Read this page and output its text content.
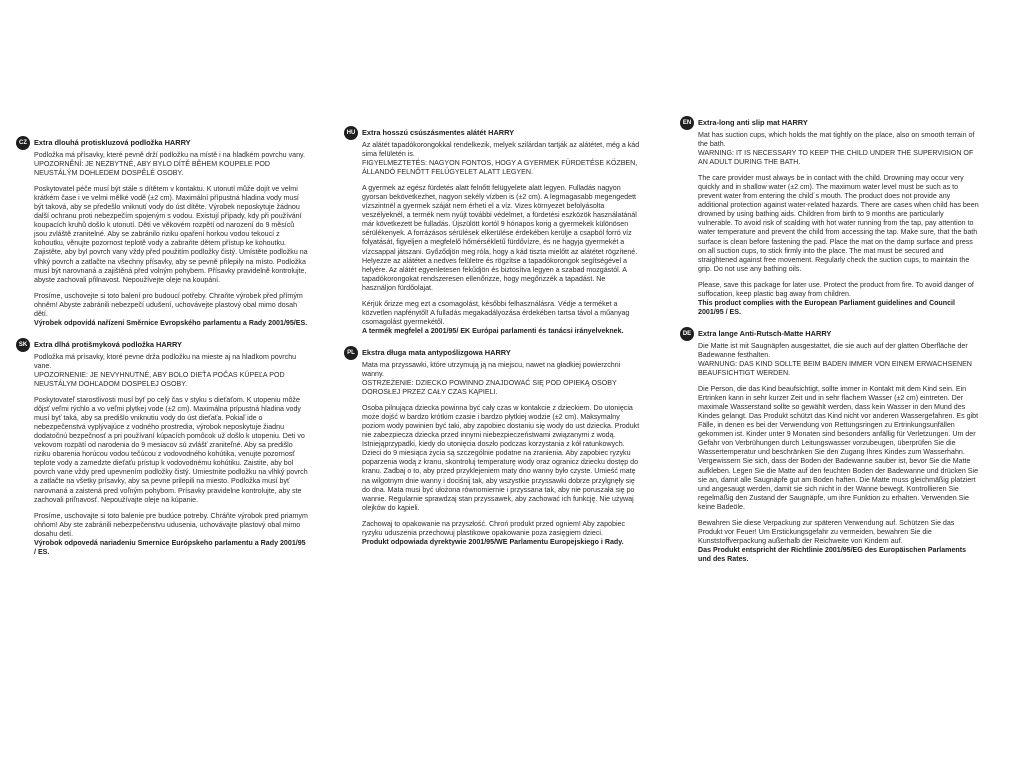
CZ Extra dlouhá protiskluzová podložka HARRY

Podložka má přísavky, které pevně drží podložku na místě i na hladkém povrchu vany.

UPOZORNĚNÍ: JE NEZBYTNÉ, ABY BYLO DÍTĚ BĚHEM KOUPELE POD NEUSTÁLÝM DOHLEDEM DOSPĚLÉ OSOBY.

Poskytovatel péče musí být stále s dítětem v kontaktu. K utonutí může dojít ve velmi krátkém čase i ve velmi mělké vodě (±2 cm). Maximální přípustná hladina vody musí být taková, aby se předešlo vniknutí vody do úst dítěte. Výrobek neposkytuje žádnou další ochranu proti nebezpečím spojeným s vodou. Existují případy, kdy při používání koupacích kruhů došlo k utonutí. Děti ve věkovém rozpětí od narození do 9 měsíců jsou zvláště zranitelné. Aby se zabránilo riziku opaření horkou vodou tekoucí z kohoutku, věnujte pozornost teplotě vody a zabraňte dětem přístup ke kohoutku. Zajistěte, aby byl povrch vany vždy před použitím podložky čistý. Umístěte podložku na vlhký povrch a zatlačte na všechny přísavky, aby se pevně přilepily na místo. Podložka musí být narovnaná a zajištěná před volným pohybem. Přísavky pravidelně kontrolujte, abyste zachovali přilnavost. Nepoužívejte oleje na koupání.

Prosíme, uschovejte si toto balení pro budoucí potřeby. Chraňte výrobek před přímým ohněm! Abyste zabránili nebezpečí udušení, uchovávejte plastový obal mimo dosah dětí.

Výrobek odpovídá nařízení Směrnice Evropského parlamentu a Rady 2001/95/ES.

SK Extra dlhá protišmyková podložka HARRY

Podložka má prísavky, ktoré pevne drža podložku na mieste aj na hladkom povrchu vane.

UPOZORNENIE: JE NEVYHNUTNÉ, ABY BOLO DIEŤA POČAS KÚPEĽA POD NEUSTÁLYM DOHĽADOM DOSPELEJ OSOBY.

Poskytovateľ starostlivosti musí byť po celý čas v styku s dieťaťom. K utopeniu môže dôjsť veľmi rýchlo a vo veľmi plytkej vode (±2 cm). Maximálna prípustná hladina vody musí byť taká, aby sa predišlo vniknutiu vody do úst dieťaťa. Pokiaľ ide o nebezpečenstvá vyplývajúce z vodného prostredia, výrobok neposkytuje žiadnu dodatočnú bezpečnosť a pri používaní kúpacích pomôcok už došlo k utopeniu. Deti vo vekovom rozpätí od narodenia do 9 mesiacov sú zvlášť zraniteľné. Aby sa predišlo riziku obarenia horúcou vodou tečúcou z vodovodného kohútika, venujte pozornosť teplote vody a zamedzte dieťaťu prístup k vodovodnému kohútiku. Zaistite, aby bol povrch vane vždy pred upevnením podložky čistý. Umiestnite podložku na vlhký povrch a zatlačte na všetky prísavky, aby sa pevne prilepili na miesto. Podložka musí byť narovnaná a zaistená pred voľným pohybom. Prísavky pravidelne kontrolujte, aby ste zachovali priľnavosť. Nepoužívajte oleje na kúpanie.

Prosíme, uschovajte si toto balenie pre budúce potreby. Chráňte výrobok pred priamym ohňom! Aby ste zabránili nebezpečenstvu udusenia, uchovávajte plastový obal mimo dosahu detí.

Výrobok odpovedá nariadeniu Smernice Európskeho parlamentu a Rady 2001/95 / ES.

HU Extra hosszú csúszásmentes alátét HARRY

Az alátét tapadókorongokkal rendelkezik, melyek szilárdan tartják az alátétet, még a kád sima felületén is.

FIGYELMEZTETÉS: NAGYON FONTOS, HOGY A GYERMEK FÜRDETÉSE KÖZBEN, ÁLLANDÓ FELNŐTT FELÜGYELET ALATT LEGYEN.

A gyermek az egész fürdetés alatt felnőtt felügyelete alatt legyen. Fulladás nagyon gyorsan bekövetkezhet, nagyon sekély vízben is (±2 cm). A legmagasabb megengedett vízszintnél a gyermek száját nem érheti el a víz. Vizes környezet befolyásolta veszélyeknél, a termék nem nyújt további védelmet, a fürdetési eszközök használatánál már következett be fulladás. Újszülött kortól 9 hónapos korig a gyermekek különösen sérülékenyek. A forrázásos sérülések elkerülése érdekében kerülje a csapból forró víz folyatását, figyeljen a megfelelő hőmérsékletű fürdővízre, és ne hagyja gyermekét a vízcsappal játszani. Győződjön meg róla, hogy a kád tiszta mielőtt az alátétet rögzítené. Helyezze az alátétet a nedves felületre és rögzítse a tapadókorongok segítségével a helyére. Az alátét egyenletesen fekűdjön és biztosítva legyen a szabad mozgástól. A tapadókorongokat rendszeresen ellenőrizze, hogy megőrizzék a tapadást. Ne használjon fürdőolajat.

Kérjük őrizze meg ezt a csomagolást, későbbi felhasználásra. Védje a terméket a közvetlen napfénytől! A fulladás megakadályozása érdekében tartsa távol a műanyag csomagolást gyermekétől.

A termék megfelel a 2001/95/ EK Európai parlamenti és tanácsi irányelveknek.

PL Ekstra długa mata antypoślizgowa HARRY

Mata ma przyssawki, które utrzymują ją na miejscu, nawet na gładkiej powierzchni wanny.

OSTRZEŻENIE: DZIECKO POWINNO ZNAJDOWAĆ SIĘ POD OPIEKĄ OSOBY DOROSŁEJ PRZEZ CAŁY CZAS KĄPIELI.

Osoba pilnująca dziecka powinna być cały czas w kontakcie z dzieckiem. Do utonięcia może dojść w bardzo krótkim czasie i bardzo płytkiej wodzie (±2 cm). Maksymalny poziom wody powinien być taki, aby zapobiec dostaniu się wody do ust dziecka. Produkt nie zabezpiecza dziecka przed innymi niebezpieczeństwami związanymi z wodą. Istniejąprzypadki, kiedy do utonięcia doszło podczas korzystania z kół ratunkowych. Dzieci do 9 miesiąca życia są szczególnie podatne na zranienia. Aby zapobiec ryzyku poparzenia wodą z kranu, skontroluj temperaturę wody oraz ogranicz dziecku dostęp do kranu. Zadbaj o to, aby przed przyklejeniem maty dno wanny było czyste. Umieść matę na wilgotnym dnie wanny i dociśnij tak, aby wszystkie przyssawki dobrze przylgnęły się do dna. Mata musi być ułożona równomiernie i przyssana tak, aby nie poruszała się po wannie. Regularnie sprawdzaj stan przyssawek, aby zachować ich funkcję. Nie używaj olejków do kąpieli.

Zachowaj to opakowanie na przyszłość. Chroń produkt przed ogniem! Aby zapobiec ryzyku uduszenia przechowuj plastikowe opakowanie poza zasięgiem dzieci.

Produkt odpowiada dyrektywie 2001/95/WE Parlamentu Europejskiego i Rady.

EN Extra-long anti slip mat HARRY

Mat has suction cups, which holds the mat tightly on the place, also on smooth terrain of the bath.

WARNING: IT IS NECESSARY TO KEEP THE CHILD UNDER THE SUPERVISION OF AN ADULT DURING THE BATH.

The care provider must always be in contact with the child. Drowning may occur very quickly and in shallow water (±2 cm). The maximum water level must be such as to prevent water from entering the child´s mouth. The product does not provide any additional protection against water-related hazards. There are cases when child has been drowned by using bathing aids. Children from birth to 9 months are particularly vulnerable. To avoid risk of scalding with hot water running from the tap, pay attention to water temperature and prevent the child from accessing the tap. Make sure, that the bath surface is clean before fastening the pad. Place the mat on the damp surface and press on all suction cups, to stick firmly into the place. The mat must be secured and straightened against free movement. Regularly check the suction cups, to maintain the grip. Do not use any bathing oils.

Please, save this package for later use. Protect the product from fire. To avoid danger of suffocation, keep plastic bag away from children.

This product complies with the European Parliament guidelines and Council 2001/95 / ES.

DE Extra lange Anti-Rutsch-Matte HARRY

Die Matte ist mit Saugnäpfen ausgestattet, die sie auch auf der glatten Oberfläche der Badewanne festhalten.

WARNUNG: DAS KIND SOLLTE BEIM BADEN IMMER VON EINEM ERWACHSENEN BEAUFSICHTIGT WERDEN.

Die Person, die das Kind beaufsichtigt, sollte immer in Kontakt mit dem Kind sein. Ein Ertrinken kann in sehr kurzer Zeit und in sehr flachem Wasser (±2 cm) eintreten. Der maximale Wasserstand sollte so gewählt werden, dass kein Wasser in den Mund des Kindes gelangt. Das Produkt schützt das Kind nicht vor anderen Wassergefahren. Es gibt Fälle, in denen es bei der Verwendung von Rettungsringen zu Ertrinkungsunfällen gekommen ist. Kinder unter 9 Monaten sind besonders anfällig für Verletzungen. Um der Gefahr von Verbrühungen durch Leitungswasser vorzubeugen, überprüfen Sie die Wassertemperatur und beschränken Sie den Zugang Ihres Kindes zum Wasserhahn. Vergewissern Sie sich, dass der Boden der Badewanne sauber ist, bevor Sie die Matte aufkleben. Legen Sie die Matte auf den feuchten Boden der Badewanne und drücken Sie sie an, damit alle Saugnäpfe gut am Boden haften. Die Matte muss gleichmäßig platziert und angesaugt werden, damit sie sich nicht in der Wanne bewegt. Kontrollieren Sie regelmäßig den Zustand der Saugnäpfe, um ihre Funktion zu erhalten. Verwenden Sie keine Badeöle.

Bewahren Sie diese Verpackung zur späteren Verwendung auf. Schützen Sie das Produkt vor Feuer! Um Erstickungsgefahr zu vermeiden, bewahren Sie die Kunststoffverpackung außerhalb der Reichweite von Kindern auf.

Das Produkt entspricht der Richtlinie 2001/95/EG des Europäischen Parlaments und des Rates.
